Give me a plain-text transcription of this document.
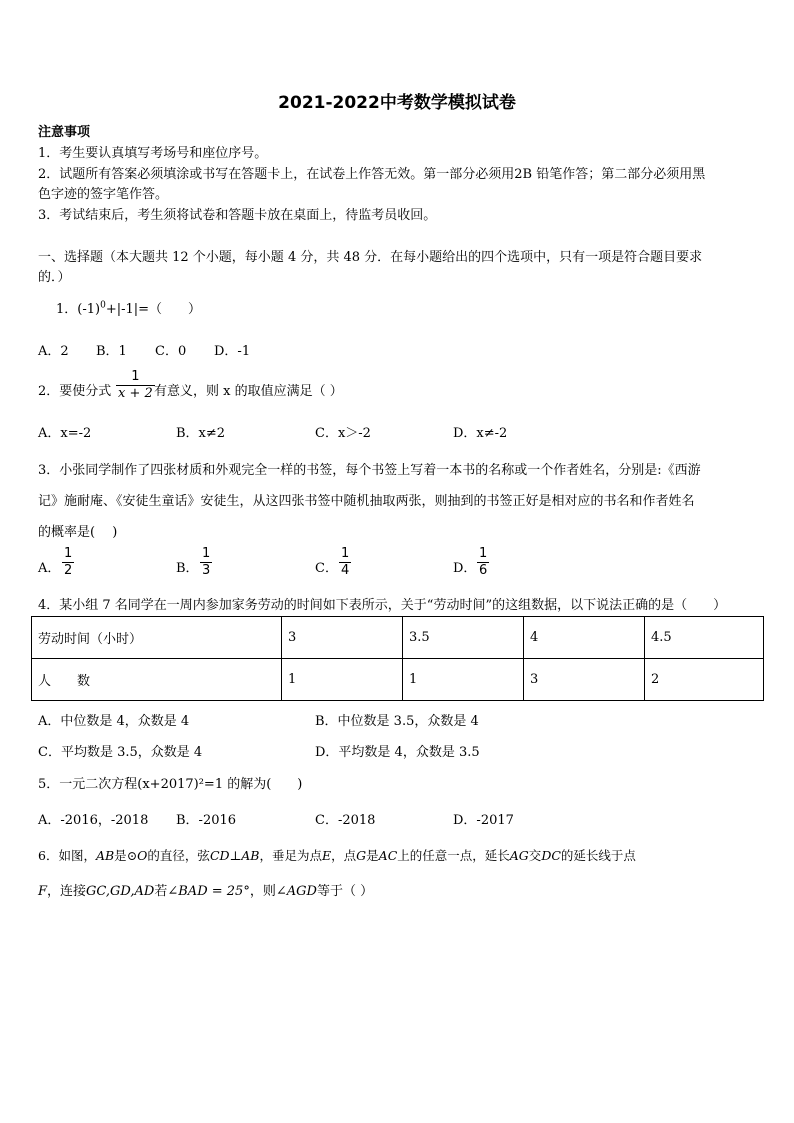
2021-2022中考数学模拟试卷
注意事项
1．考生要认真填写考场号和座位序号。
2．试题所有答案必须填涂或书写在答题卡上，在试卷上作答无效。第一部分必须用2B 铅笔作答；第二部分必须用黑
色字迹的签字笔作答。
3．考试结束后，考生须将试卷和答题卡放在桌面上，待监考员收回。
一、选择题（本大题共 12 个小题，每小题 4 分，共 48 分．在每小题给出的四个选项中，只有一项是符合题目要求
的．）
1．$(-1)^0+|-1|=$（　　）
A．2 B．1 C．0 D．-1
2．要使分式 $\frac{1}{x + 2}$ 有意义，则 x 的取值应满足（ ）
A．x=-2	B．x≠2	C．x＞-2	D．x≠-2
3．小张同学制作了四张材质和外观完全一样的书签，每个书签上写着一本书的名称或一个作者姓名，分别是:《西游
记》施耐庵、《安徒生童话》安徒生，从这四张书签中随机抽取两张，则抽到的书签正好是相对应的书名和作者姓名
的概率是(　 )
A． $\frac{1}{2}$	B． $\frac{1}{3}$	C． $\frac{1}{4}$	D． $\frac{1}{6}$
4．某小组 7 名同学在一周内参加家务劳动的时间如下表所示，关于“劳动时间”的这组数据，以下说法正确的是（　　）
劳动时间（小时）	3	3.5	4	4.5
人　　数	1	1	3	2
A．中位数是 4，众数是 4	B．中位数是 3.5，众数是 4
C．平均数是 3.5，众数是 4	D．平均数是 4，众数是 3.5
5．一元二次方程(x+2017)²=1 的解为(　　)
A．-2016，-2018 B．-2016	C．-2018	D．-2017
6．如图，AB是⊙O的直径，弦CD⊥AB，垂足为点E，点G是AC上的任意一点，延长AG交DC的延长线于点
F，连接GC,GD,AD若∠BAD = 25°，则∠AGD等于（ ）
